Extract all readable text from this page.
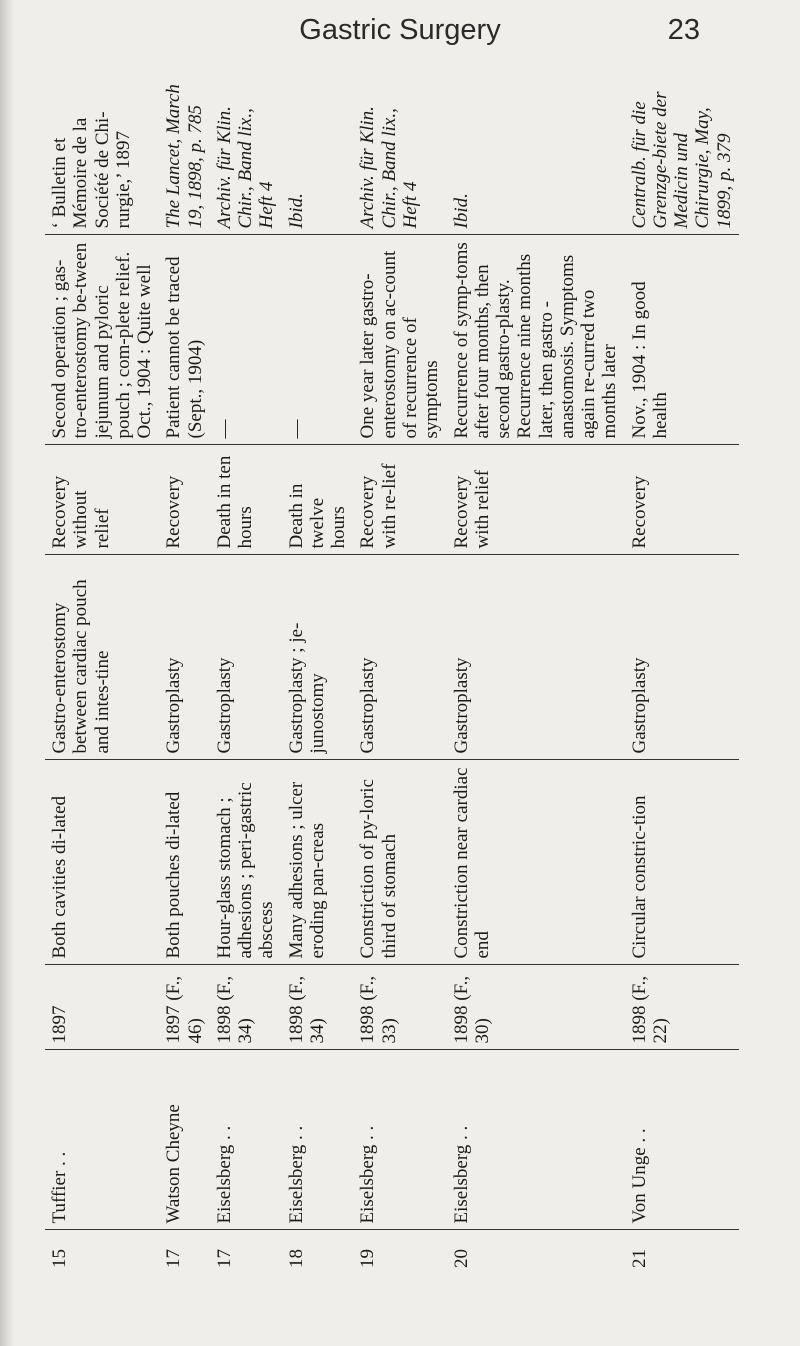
Gastric Surgery	23
15	Tuffier . .	1897	Both cavities di-lated	Gastro-enterostomy between cardiac pouch and intes-tine	Recovery without relief	Second operation ; gas-tro-enterostomy be-tween jejunum and pyloric pouch ; com-plete relief. Oct., 1904 : Quite well	‘ Bulletin et Mémoire de la Société de Chi-rurgie,’ 1897
17	Watson Cheyne	1897 (F., 46)	Both pouches di-lated	Gastroplasty	Recovery	Patient cannot be traced (Sept., 1904)	The Lancet, March 19, 1898, p. 785
17	Eiselsberg . .	1898 (F., 34)	Hour-glass stomach ; adhesions ; peri-gastric abscess	Gastroplasty	Death in ten hours	—	Archiv. für Klin. Chir., Band lix., Heft 4
18	Eiselsberg . .	1898 (F., 34)	Many adhesions ; ulcer eroding pan-creas	Gastroplasty ; je-junostomy	Death in twelve hours	—	Ibid.
19	Eiselsberg . .	1898 (F., 33)	Constriction of py-loric third of stomach	Gastroplasty	Recovery with re-lief	One year later gastro-enterostomy on ac-count of recurrence of symptoms	Archiv. für Klin. Chir., Band lix., Heft 4
20	Eiselsberg . .	1898 (F., 30)	Constriction near cardiac end	Gastroplasty	Recovery with relief	Recurrence of symp-toms after four months, then second gastro-plasty. Recurrence nine months later, then gastro - anastomosis. Symptoms again re-curred two months later	Ibid.
21	Von Unge . .	1898 (F., 22)	Circular constric-tion	Gastroplasty	Recovery	Nov., 1904 : In good health	Centralb. für die Grenzge-biete der Medicin und Chirurgie, May, 1899, p. 379
